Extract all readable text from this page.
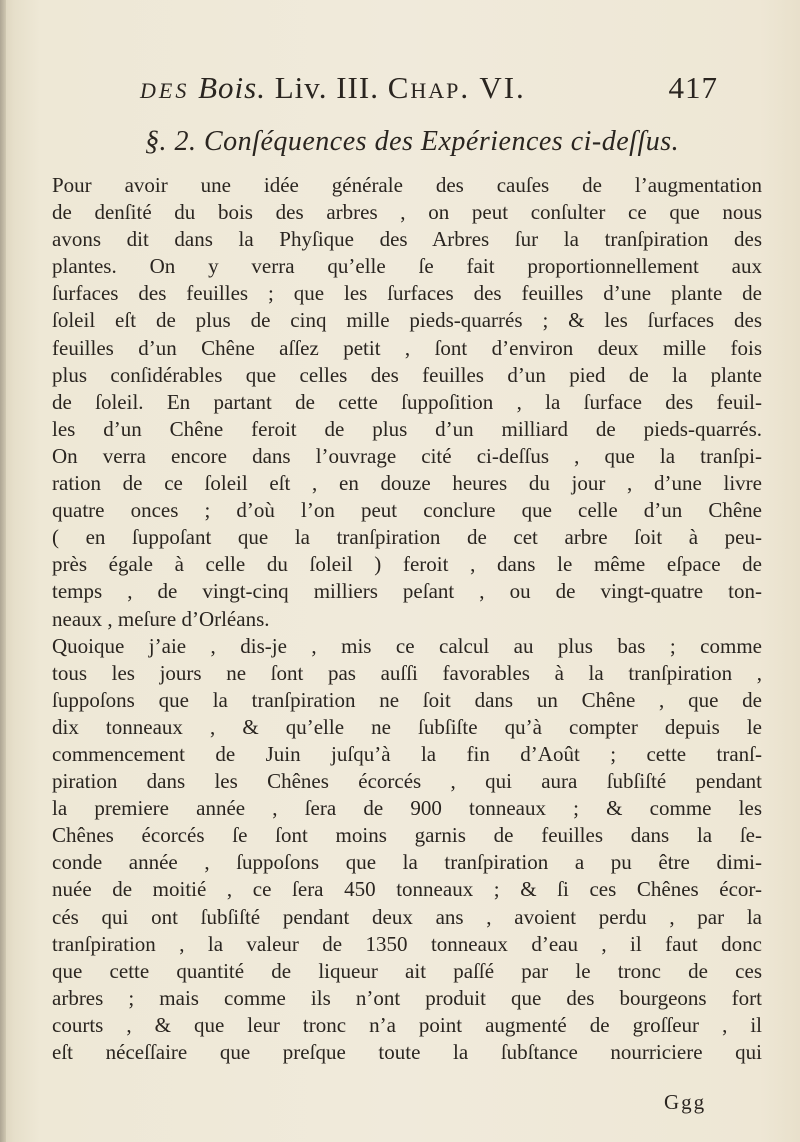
DES Bois. Liv. III. Chap. VI.	417
§. 2. Conſéquences des Expériences ci-deſſus.
Pour avoir une idée générale des cauſes de l’augmentation
de denſité du bois des arbres , on peut conſulter ce que nous
avons dit dans la Phyſique des Arbres ſur la tranſpiration des
plantes. On y verra qu’elle ſe fait proportionnellement aux
ſurfaces des feuilles ; que les ſurfaces des feuilles d’une plante de
ſoleil eſt de plus de cinq mille pieds-quarrés ; & les ſurfaces des
feuilles d’un Chêne aſſez petit , ſont d’environ deux mille fois
plus conſidérables que celles des feuilles d’un pied de la plante
de ſoleil. En partant de cette ſuppoſition , la ſurface des feuil-
les d’un Chêne feroit de plus d’un milliard de pieds-quarrés.
On verra encore dans l’ouvrage cité ci-deſſus , que la tranſpi-
ration de ce ſoleil eſt , en douze heures du jour , d’une livre
quatre onces ; d’où l’on peut conclure que celle d’un Chêne
( en ſuppoſant que la tranſpiration de cet arbre ſoit à peu-
près égale à celle du ſoleil ) feroit , dans le même eſpace de
temps , de vingt-cinq milliers peſant , ou de vingt-quatre ton-
neaux , meſure d’Orléans.
Quoique j’aie , dis-je , mis ce calcul au plus bas ; comme
tous les jours ne ſont pas auſſi favorables à la tranſpiration ,
ſuppoſons que la tranſpiration ne ſoit dans un Chêne , que de
dix tonneaux , & qu’elle ne ſubſiſte qu’à compter depuis le
commencement de Juin juſqu’à la fin d’Août ; cette tranſ-
piration dans les Chênes écorcés , qui aura ſubſiſté pendant
la premiere année , ſera de 900 tonneaux ; & comme les
Chênes écorcés ſe ſont moins garnis de feuilles dans la ſe-
conde année , ſuppoſons que la tranſpiration a pu être dimi-
nuée de moitié , ce ſera 450 tonneaux ; & ſi ces Chênes écor-
cés qui ont ſubſiſté pendant deux ans , avoient perdu , par la
tranſpiration , la valeur de 1350 tonneaux d’eau , il faut donc
que cette quantité de liqueur ait paſſé par le tronc de ces
arbres ; mais comme ils n’ont produit que des bourgeons fort
courts , & que leur tronc n’a point augmenté de groſſeur , il
eſt néceſſaire que preſque toute la ſubſtance nourriciere qui
Ggg
